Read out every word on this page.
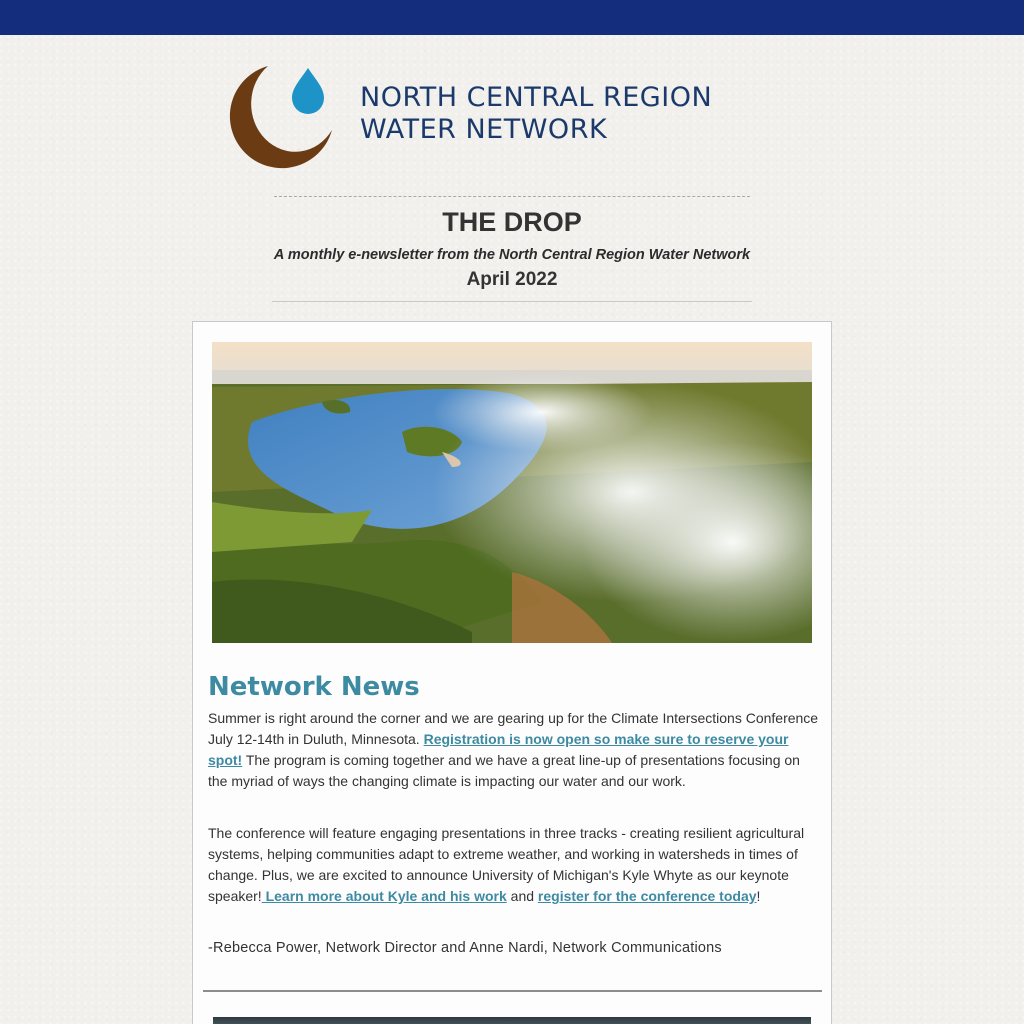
NORTH CENTRAL REGION
WATER NETWORK
THE DROP
A monthly e-newsletter from the North Central Region Water Network
April 2022
Network News
Summer is right around the corner and we are gearing up for the Climate Intersections Conference July 12-14th in Duluth, Minnesota. Registration is now open so make sure to reserve your spot! The program is coming together and we have a great line-up of presentations focusing on the myriad of ways the changing climate is impacting our water and our work.
The conference will feature engaging presentations in three tracks - creating resilient agricultural systems, helping communities adapt to extreme weather, and working in watersheds in times of change. Plus, we are excited to announce University of Michigan's Kyle Whyte as our keynote speaker! Learn more about Kyle and his work and register for the conference today!
-Rebecca Power, Network Director and Anne Nardi, Network Communications
